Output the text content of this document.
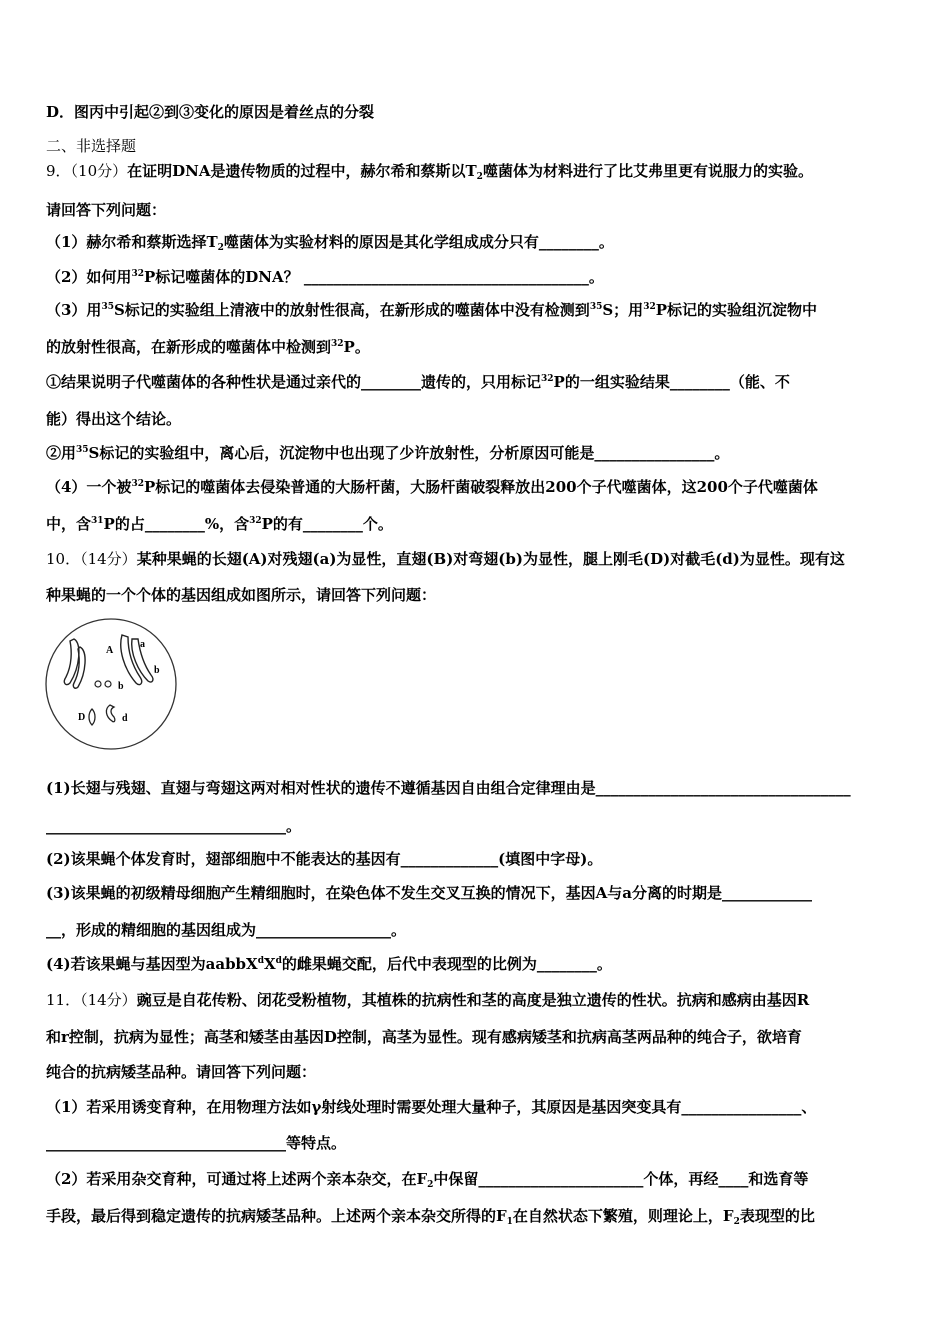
D．图丙中引起②到③变化的原因是着丝点的分裂
二、非选择题
9．（10分）在证明DNA是遗传物质的过程中，赫尔希和蔡斯以$T_2$噬菌体为材料进行了比艾弗里更有说服力的实验。
请回答下列问题：
（1）赫尔希和蔡斯选择$T_2$噬菌体为实验材料的原因是其化学组成成分只有________。
（2）如何用$^{32}$P标记噬菌体的DNA？ ______________________________________。
（3）用$^{35}$S标记的实验组上清液中的放射性很高，在新形成的噬菌体中没有检测到$^{35}$S；用$^{32}$P标记的实验组沉淀物中
的放射性很高，在新形成的噬菌体中检测到$^{32}$P。
①结果说明子代噬菌体的各种性状是通过亲代的________遗传的，只用标记$^{32}$P的一组实验结果________（能、不
能）得出这个结论。
②用$^{35}$S标记的实验组中，离心后，沉淀物中也出现了少许放射性，分析原因可能是________________。
（4）一个被$^{32}$P标记的噬菌体去侵染普通的大肠杆菌，大肠杆菌破裂释放出200个子代噬菌体，这200个子代噬菌体
中，含$^{31}$P的占________%，含$^{32}$P的有________个。
10．（14分）某种果蝇的长翅(A)对残翅(a)为显性，直翅(B)对弯翅(b)为显性，腿上刚毛(D)对截毛(d)为显性。现有这
种果蝇的一个个体的基因组成如图所示，请回答下列问题：
A
a
b
b
D	d
(1)长翅与残翅、直翅与弯翅这两对相对性状的遗传不遵循基因自由组合定律理由是__________________________________
________________________________。
(2)该果蝇个体发育时，翅部细胞中不能表达的基因有_____________(填图中字母)。
(3)该果蝇的初级精母细胞产生精细胞时，在染色体不发生交叉互换的情况下，基因A与a分离的时期是____________
__，形成的精细胞的基因组成为__________________。
(4)若该果蝇与基因型为$aabbX^dX^d$的雌果蝇交配，后代中表现型的比例为________。
11．（14分）豌豆是自花传粉、闭花受粉植物，其植株的抗病性和茎的高度是独立遗传的性状。抗病和感病由基因R
和r控制，抗病为显性；高茎和矮茎由基因D控制，高茎为显性。现有感病矮茎和抗病高茎两品种的纯合子，欲培育
纯合的抗病矮茎品种。请回答下列问题：
（1）若采用诱变育种，在用物理方法如γ射线处理时需要处理大量种子，其原因是基因突变具有________________、
________________________________等特点。
（2）若采用杂交育种，可通过将上述两个亲本杂交，在$F_2$中保留______________________个体，再经____和选育等
手段，最后得到稳定遗传的抗病矮茎品种。上述两个亲本杂交所得的$F_1$在自然状态下繁殖，则理论上，$F_2$表现型的比
